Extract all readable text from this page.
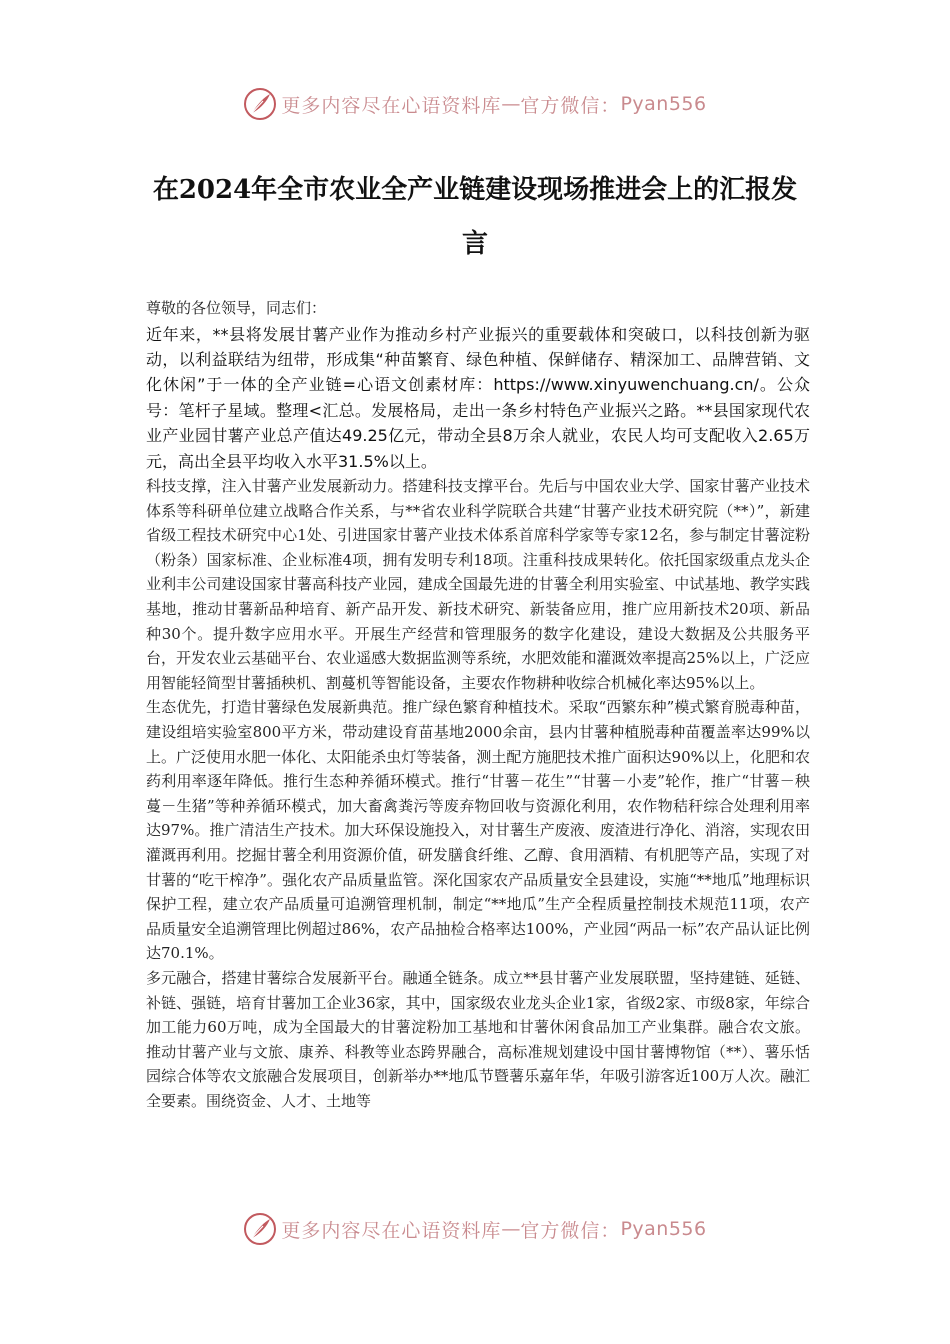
更多内容尽在心语资料库 — 官方微信： Pyan556
在2024年全市农业全产业链建设现场推进会上的汇报发言

尊敬的各位领导，同志们：

近年来，**县将发展甘薯产业作为推动乡村产业振兴的重要载体和突破口，以科技创新为驱动，以利益联结为纽带，形成集“种苗繁育、绿色种植、保鲜储存、精深加工、品牌营销、文化休闲”于一体的全产业链=心语文创素材库：https://www.xinyuwenchuang.cn/。公众号：笔杆子星域。整理<汇总。发展格局，走出一条乡村特色产业振兴之路。**县国家现代农业产业园甘薯产业总产值达49.25亿元，带动全县8万余人就业，农民人均可支配收入2.65万元，高出全县平均收入水平31.5%以上。

科技支撑，注入甘薯产业发展新动力。搭建科技支撑平台。先后与中国农业大学、国家甘薯产业技术体系等科研单位建立战略合作关系，与**省农业科学院联合共建“甘薯产业技术研究院（**）”，新建省级工程技术研究中心1处、引进国家甘薯产业技术体系首席科学家等专家12名，参与制定甘薯淀粉（粉条）国家标准、企业标准4项，拥有发明专利18项。注重科技成果转化。依托国家级重点龙头企业利丰公司建设国家甘薯高科技产业园，建成全国最先进的甘薯全利用实验室、中试基地、教学实践基地，推动甘薯新品种培育、新产品开发、新技术研究、新装备应用，推广应用新技术20项、新品种30个。提升数字应用水平。开展生产经营和管理服务的数字化建设，建设大数据及公共服务平台，开发农业云基础平台、农业遥感大数据监测等系统，水肥效能和灌溉效率提高25%以上，广泛应用智能轻简型甘薯插秧机、割蔓机等智能设备，主要农作物耕种收综合机械化率达95%以上。

生态优先，打造甘薯绿色发展新典范。推广绿色繁育种植技术。采取“西繁东种”模式繁育脱毒种苗，建设组培实验室800平方米，带动建设育苗基地2000余亩，县内甘薯种植脱毒种苗覆盖率达99%以上。广泛使用水肥一体化、太阳能杀虫灯等装备，测土配方施肥技术推广面积达90%以上，化肥和农药利用率逐年降低。推行生态种养循环模式。推行“甘薯－花生”“甘薯－小麦”轮作，推广“甘薯－秧蔓－生猪”等种养循环模式，加大畜禽粪污等废弃物回收与资源化利用，农作物秸秆综合处理利用率达97%。推广清洁生产技术。加大环保设施投入，对甘薯生产废液、废渣进行净化、消溶，实现农田灌溉再利用。挖掘甘薯全利用资源价值，研发膳食纤维、乙醇、食用酒精、有机肥等产品，实现了对甘薯的“吃干榨净”。强化农产品质量监管。深化国家农产品质量安全县建设，实施“**地瓜”地理标识保护工程，建立农产品质量可追溯管理机制，制定“**地瓜”生产全程质量控制技术规范11项，农产品质量安全追溯管理比例超过86%，农产品抽检合格率达100%，产业园“两品一标”农产品认证比例达70.1%。

多元融合，搭建甘薯综合发展新平台。融通全链条。成立**县甘薯产业发展联盟，坚持建链、延链、补链、强链，培育甘薯加工企业36家，其中，国家级农业龙头企业1家，省级2家、市级8家，年综合加工能力60万吨，成为全国最大的甘薯淀粉加工基地和甘薯休闲食品加工产业集群。融合农文旅。推动甘薯产业与文旅、康养、科教等业态跨界融合，高标准规划建设中国甘薯博物馆（**）、薯乐恬园综合体等农文旅融合发展项目，创新举办**地瓜节暨薯乐嘉年华，年吸引游客近100万人次。融汇全要素。围绕资金、人才、土地等

更多内容尽在心语资料库 — 官方微信： Pyan556
